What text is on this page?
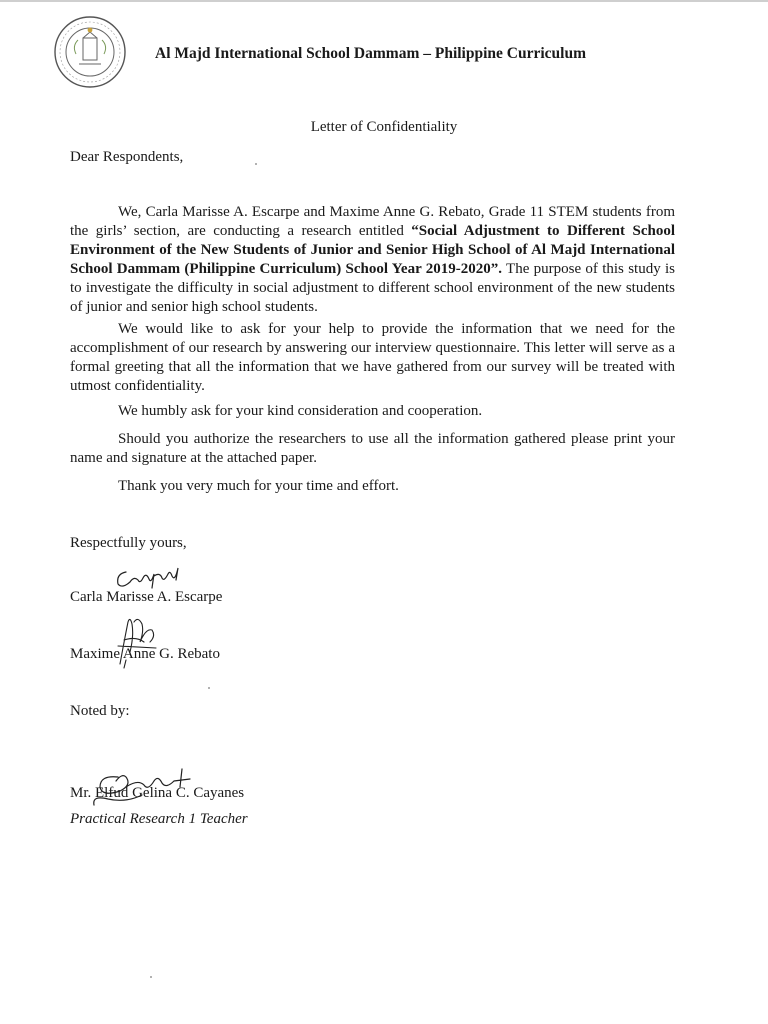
Al Majd International School Dammam – Philippine Curriculum
Letter of Confidentiality
Dear Respondents,
We, Carla Marisse A. Escarpe and Maxime Anne G. Rebato, Grade 11 STEM students from the girls’ section, are conducting a research entitled “Social Adjustment to Different School Environment of the New Students of Junior and Senior High School of Al Majd International School Dammam (Philippine Curriculum) School Year 2019-2020”. The purpose of this study is to investigate the difficulty in social adjustment to different school environment of the new students of junior and senior high school students.
We would like to ask for your help to provide the information that we need for the accomplishment of our research by answering our interview questionnaire. This letter will serve as a formal greeting that all the information that we have gathered from our survey will be treated with utmost confidentiality.
We humbly ask for your kind consideration and cooperation.
Should you authorize the researchers to use all the information gathered please print your name and signature at the attached paper.
Thank you very much for your time and effort.
Respectfully yours,
Carla Marisse A. Escarpe
Maxime Anne G. Rebato
Noted by:
Mr. Elfud Gelina C. Cayanes
Practical Research 1 Teacher
